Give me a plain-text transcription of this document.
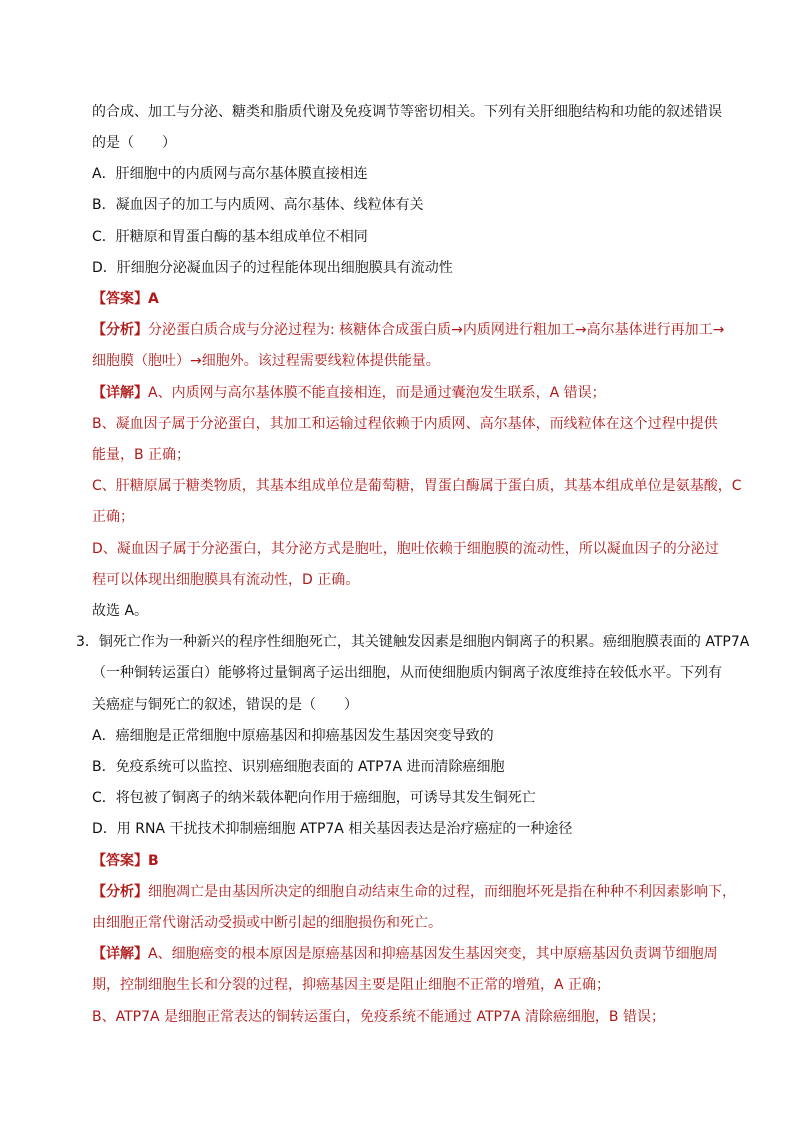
的合成、加工与分泌、糖类和脂质代谢及免疫调节等密切相关。下列有关肝细胞结构和功能的叙述错误
的是（　　）
A．肝细胞中的内质网与高尔基体膜直接相连
B．凝血因子的加工与内质网、高尔基体、线粒体有关
C．肝糖原和胃蛋白酶的基本组成单位不相同
D．肝细胞分泌凝血因子的过程能体现出细胞膜具有流动性
【答案】A
【分析】分泌蛋白质合成与分泌过程为: 核糖体合成蛋白质→内质网进行粗加工→高尔基体进行再加工→
细胞膜（胞吐）→细胞外。该过程需要线粒体提供能量。
【详解】A、内质网与高尔基体膜不能直接相连，而是通过囊泡发生联系，A 错误；
B、凝血因子属于分泌蛋白，其加工和运输过程依赖于内质网、高尔基体，而线粒体在这个过程中提供
能量，B 正确；
C、肝糖原属于糖类物质，其基本组成单位是葡萄糖，胃蛋白酶属于蛋白质，其基本组成单位是氨基酸，C
正确；
D、凝血因子属于分泌蛋白，其分泌方式是胞吐，胞吐依赖于细胞膜的流动性，所以凝血因子的分泌过
程可以体现出细胞膜具有流动性，D 正确。
故选 A。
3．铜死亡作为一种新兴的程序性细胞死亡，其关键触发因素是细胞内铜离子的积累。癌细胞膜表面的 ATP7A
（一种铜转运蛋白）能够将过量铜离子运出细胞，从而使细胞质内铜离子浓度维持在较低水平。下列有
关癌症与铜死亡的叙述，错误的是（　　）
A．癌细胞是正常细胞中原癌基因和抑癌基因发生基因突变导致的
B．免疫系统可以监控、识别癌细胞表面的 ATP7A 进而清除癌细胞
C．将包被了铜离子的纳米载体靶向作用于癌细胞，可诱导其发生铜死亡
D．用 RNA 干扰技术抑制癌细胞 ATP7A 相关基因表达是治疗癌症的一种途径
【答案】B
【分析】细胞凋亡是由基因所决定的细胞自动结束生命的过程，而细胞坏死是指在种种不利因素影响下，
由细胞正常代谢活动受损或中断引起的细胞损伤和死亡。
【详解】A、细胞癌变的根本原因是原癌基因和抑癌基因发生基因突变，其中原癌基因负责调节细胞周
期，控制细胞生长和分裂的过程，抑癌基因主要是阻止细胞不正常的增殖，A 正确；
B、ATP7A 是细胞正常表达的铜转运蛋白，免疫系统不能通过 ATP7A 清除癌细胞，B 错误；
